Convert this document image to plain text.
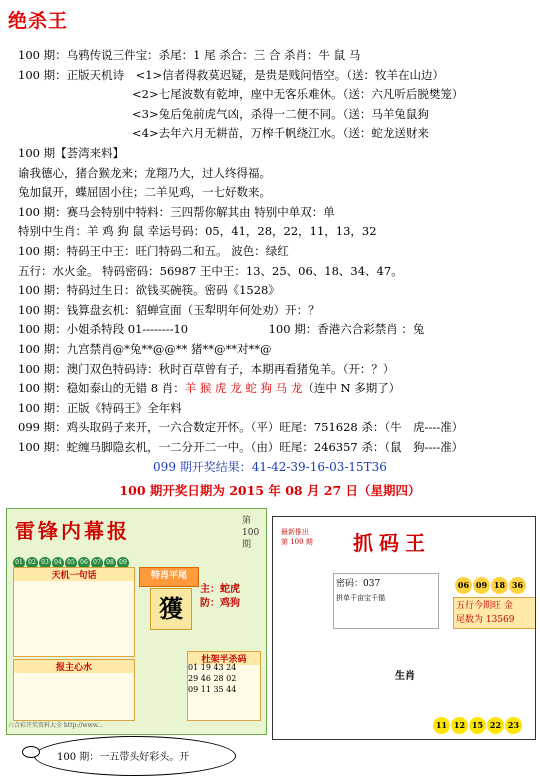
绝杀王
100 期：乌鸦传说三件宝：杀尾：1 尾 杀合：三 合 杀肖：牛 鼠 马
100 期：正版天机诗　<1>信者得救莫迟疑，是贵是贱问悟空。（送：牧羊在山边）
<2>七尾波数有乾坤，座中无客乐难休。（送：六凡听后脱樊笼）
<3>兔后兔前虎气凶，杀得一二便不同。（送：马羊兔鼠狗
<4>去年六月无耕苗，万榨千帆绕江水。（送：蛇龙送财来
100 期【荟湾来料】
谕我德心，猪合猴龙来；龙翔乃大，过人终得福。
兔加鼠开，蝶屈固小往；二羊见鸡，一七好数来。
100 期：赛马会特别中特料：三四帮你解其由 特别中单双：单
特别中生肖：羊 鸡 狗 鼠 幸运号码：05，41，28，22，11，13，32
100 期：特码王中王：旺门特码二和五。 波色：绿红
五行：水火金。 特码密码：56987 王中王：13、25、06、18、34、47。
100 期：特码过生日：欲钱买碗筷。密码《1528》
100 期：钱算盘玄机：貂蝉宣面（玉犁明年何处劝）开：？
100 期：小姐杀特段 01--------10　　　　　　　100 期：香港六合彩禁肖 ：兔
100 期：九宫禁肖@*兔**@@** 猪**@**对**@
100 期：澳门双色特码诗：秋时百草曾有子，本期再看猪兔羊。（开：？）
100 期：稳如泰山的无错 8 肖：羊 猴 虎 龙 蛇 狗 马 龙（连中 N 多期了）
100 期：正版《特码王》全年料
099 期：鸡头取码子来开，一六合数定开怀。（平）旺尾：751628 杀：（牛　虎----准）
100 期：蛇缠马脚隐玄机，一二分开二一中。（由）旺尾：246357 杀：（鼠　狗----准）
099 期开奖结果：41-42-39-16-03-15T36
100 期开奖日期为 2015 年 08 月 27 日（星期四）
雷锋内幕报	第100期
01 02 03 04 05 06 07 08 09
天机一句话	特肖平尾
报主心水
杜架半杀码
獲
主：蛇虎
防：鸡狗
01 19 43 24
29 46 28 02
09 11 35 44
六合彩开奖资料大全 http://www...
最新推出
第 100 期 抓码王
密码：037
拼单千亩宝千锚
06 09 18 36
五行今期旺 金
尾数为 13569
生肖
11 12 15 22 23
100 期：一五带头好彩头。开
